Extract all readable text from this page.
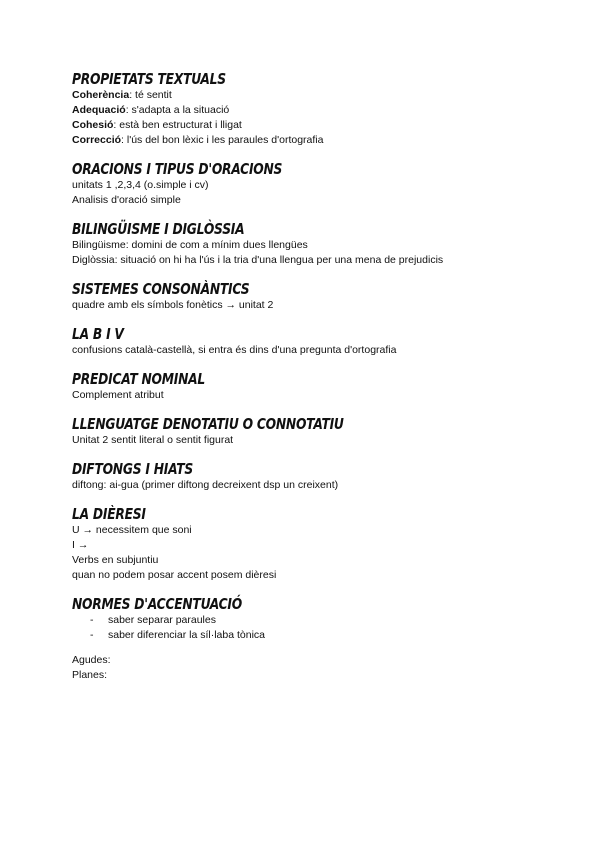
PROPIETATS TEXTUALS
Coherència: té sentit
Adequació: s'adapta a la situació
Cohesió: està ben estructurat i lligat
Correcció: l'ús del bon lèxic i les paraules d'ortografia
ORACIONS I TIPUS D'ORACIONS
unitats 1 ,2,3,4 (o.simple i cv)
Analisis d'oració simple
BILINGÜISME I DIGLÒSSIA
Bilingüisme: domini de com a mínim dues llengües
Diglòssia: situació on hi ha l'ús i la tria d'una llengua per una mena de prejudicis
SISTEMES CONSONÀNTICS
quadre amb els símbols fonètics → unitat 2
LA B I V
confusions català-castellà, si entra és dins d'una pregunta d'ortografia
PREDICAT NOMINAL
Complement atribut
LLENGUATGE DENOTATIU O CONNOTATIU
Unitat 2 sentit literal o sentit figurat
DIFTONGS I HIATS
diftong: ai-gua (primer diftong decreixent dsp un creixent)
LA DIÈRESI
U → necessitem que soni
I →
Verbs en subjuntiu
quan no podem posar accent posem dièresi
NORMES D'ACCENTUACIÓ
- saber separar paraules
- saber diferenciar la síl·laba tònica
Agudes:
Planes:
